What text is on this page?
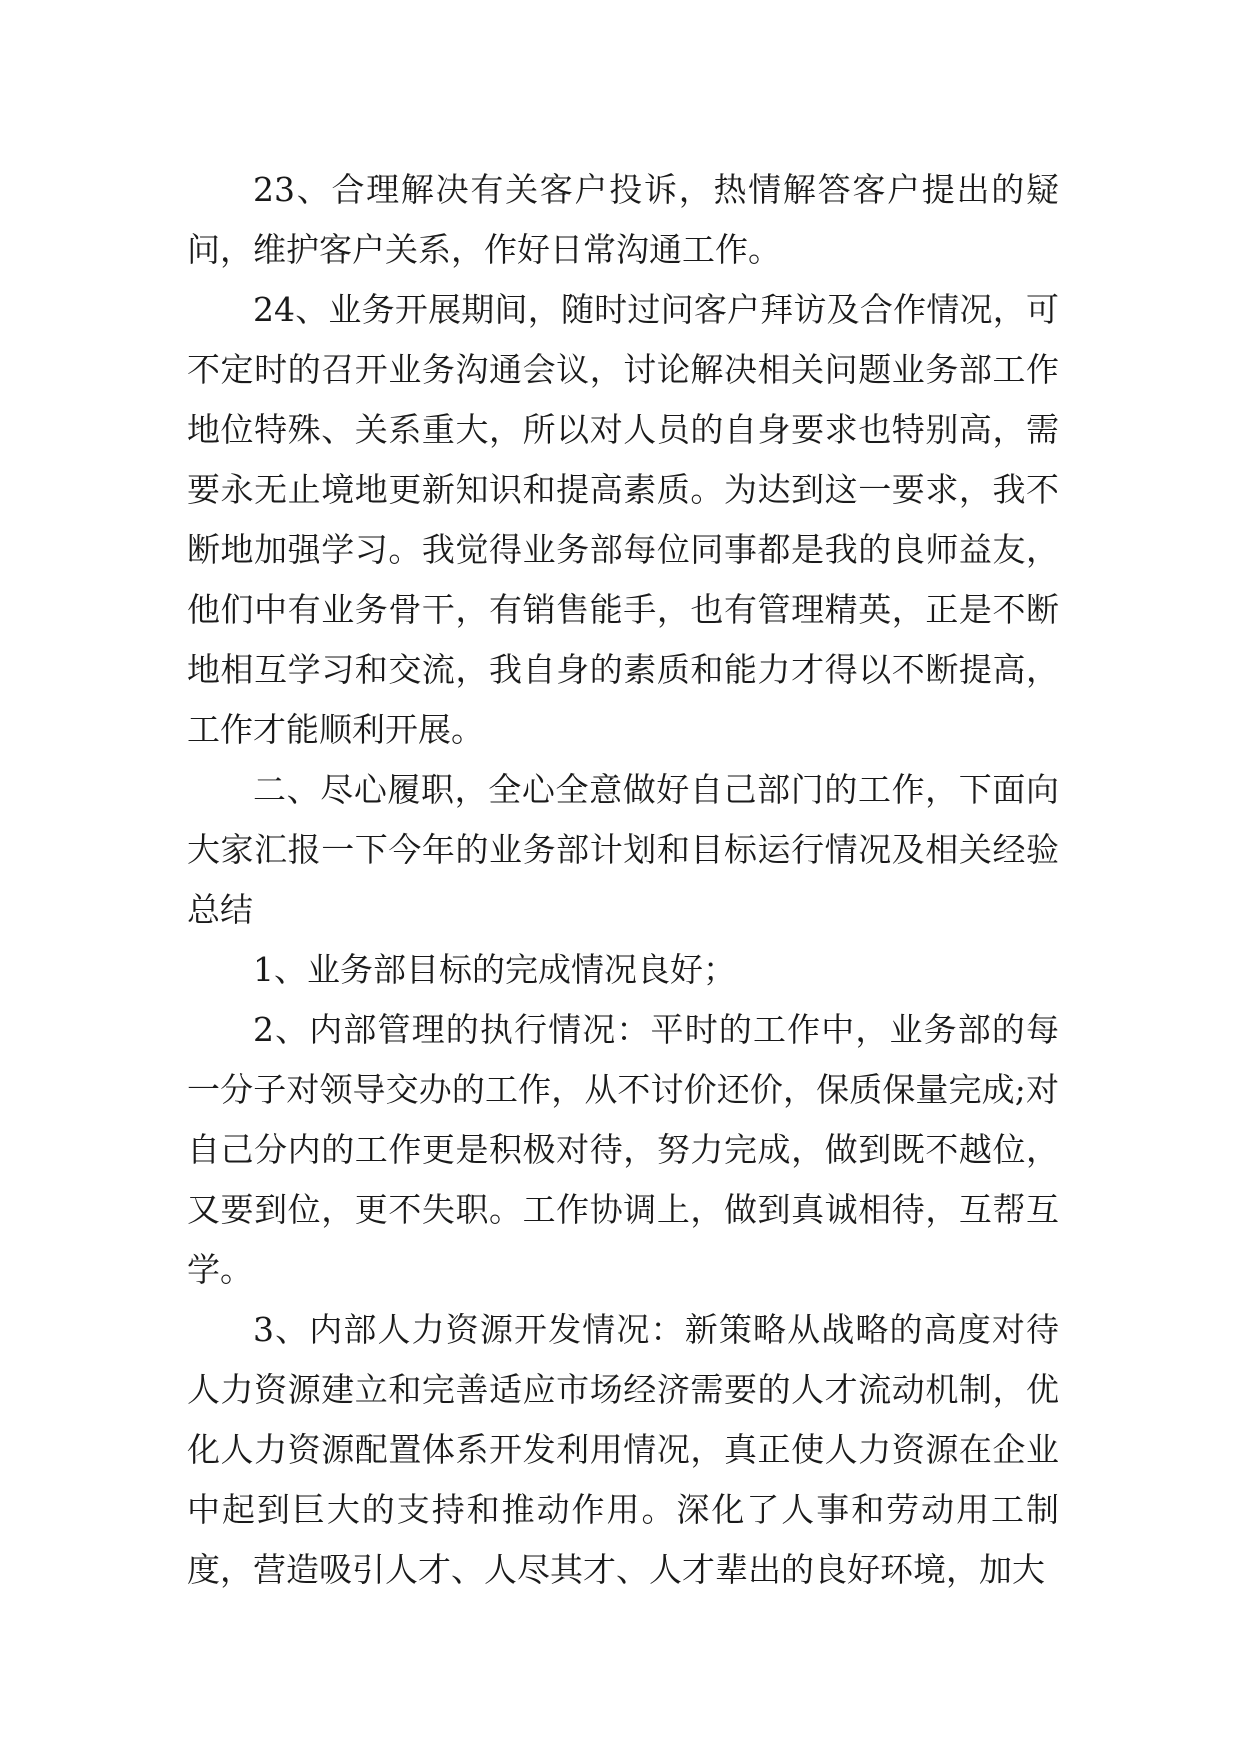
23、合理解决有关客户投诉，热情解答客户提出的疑问，维护客户关系，作好日常沟通工作。

24、业务开展期间，随时过问客户拜访及合作情况，可不定时的召开业务沟通会议，讨论解决相关问题业务部工作地位特殊、关系重大，所以对人员的自身要求也特别高，需要永无止境地更新知识和提高素质。为达到这一要求，我不断地加强学习。我觉得业务部每位同事都是我的良师益友，他们中有业务骨干，有销售能手，也有管理精英，正是不断地相互学习和交流，我自身的素质和能力才得以不断提高，工作才能顺利开展。

二、尽心履职，全心全意做好自己部门的工作，下面向大家汇报一下今年的业务部计划和目标运行情况及相关经验总结

1、业务部目标的完成情况良好；

2、内部管理的执行情况：平时的工作中，业务部的每一分子对领导交办的工作，从不讨价还价，保质保量完成;对自己分内的工作更是积极对待，努力完成，做到既不越位，又要到位，更不失职。工作协调上，做到真诚相待，互帮互学。

3、内部人力资源开发情况：新策略从战略的高度对待人力资源建立和完善适应市场经济需要的人才流动机制，优化人力资源配置体系开发利用情况，真正使人力资源在企业中起到巨大的支持和推动作用。深化了人事和劳动用工制度，营造吸引人才、人尽其才、人才辈出的良好环境，加大
